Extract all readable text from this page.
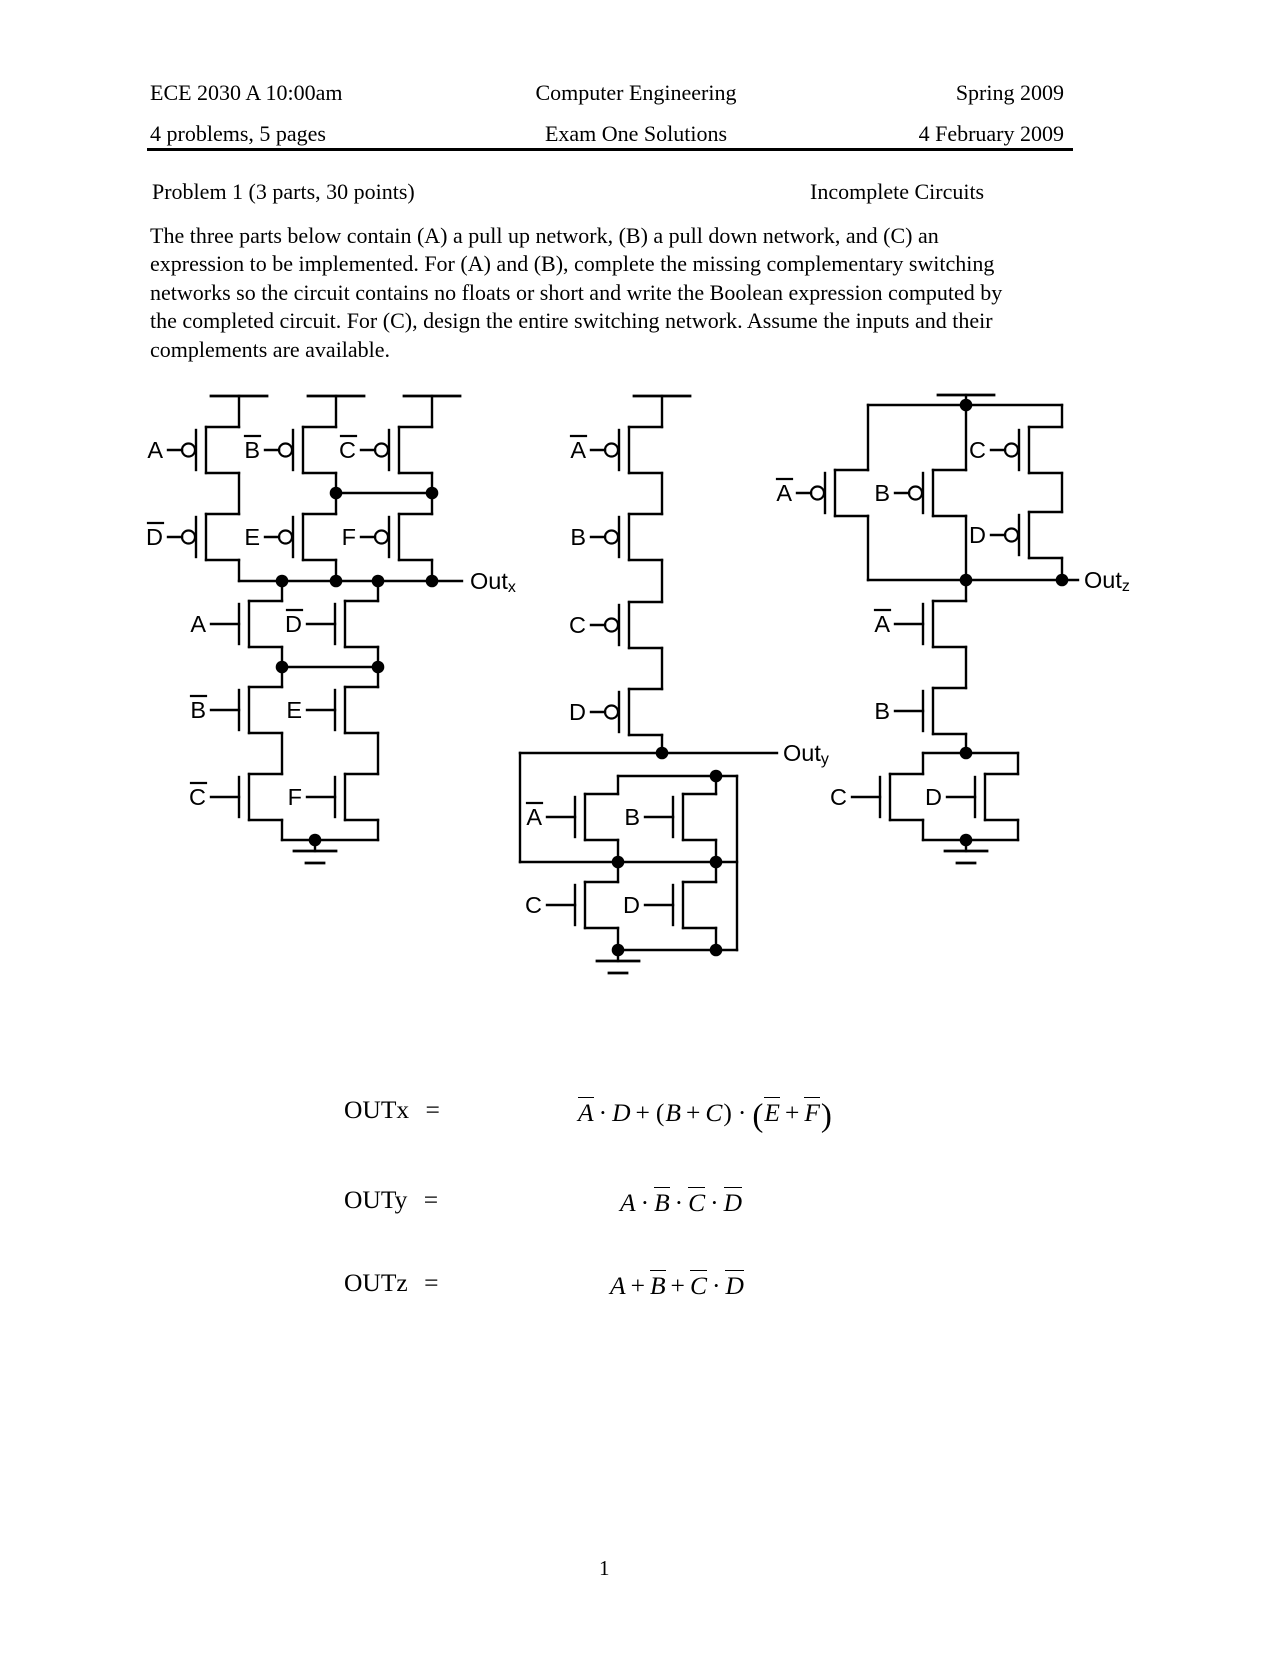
ECE 2030 A 10:00am
4 problems, 5 pages
Computer Engineering
Exam One Solutions
Spring 2009
4 February 2009
Problem 1 (3 parts, 30 points)	Incomplete Circuits
The three parts below contain (A) a pull up network, (B) a pull down network, and (C) an
expression to be implemented. For (A) and (B), complete the missing complementary switching
networks so the circuit contains no floats or short and write the Boolean expression computed by
the completed circuit. For (C), design the entire switching network. Assume the inputs and their
complements are available.
A	B	C
D	E	F
A	D
B	E
C	F
Outx
A
B
C
D
A	B
C	D
Outy
A	B
C
D
A
B
C	D
Outz
OUTx =	A · D + (B + C) · (E + F)
OUTy =	A · B · C · D
OUTz =	A + B + C · D
1
